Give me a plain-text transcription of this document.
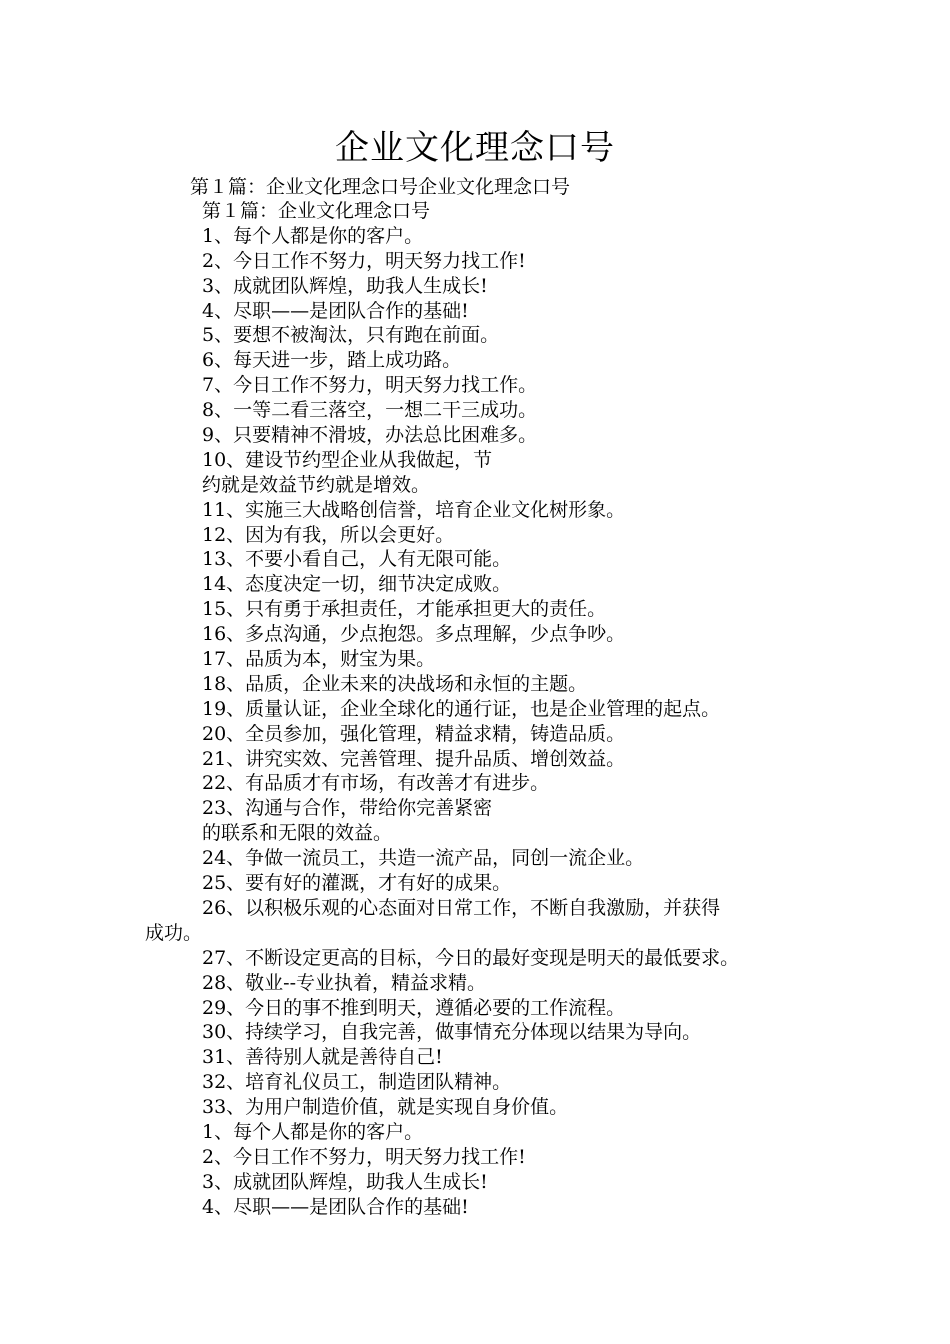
企业文化理念口号
第１篇：企业文化理念口号企业文化理念口号
第１篇：企业文化理念口号
1、每个人都是你的客户。
2、今日工作不努力，明天努力找工作!
3、成就团队辉煌，助我人生成长!
4、尽职——是团队合作的基础!
5、要想不被淘汰，只有跑在前面。
6、每天进一步，踏上成功路。
7、今日工作不努力，明天努力找工作。
8、一等二看三落空，一想二干三成功。
9、只要精神不滑坡，办法总比困难多。
10、建设节约型企业从我做起，节
约就是效益节约就是增效。
11、实施三大战略创信誉，培育企业文化树形象。
12、因为有我，所以会更好。
13、不要小看自己，人有无限可能。
14、态度决定一切，细节决定成败。
15、只有勇于承担责任，才能承担更大的责任。
16、多点沟通，少点抱怨。多点理解，少点争吵。
17、品质为本，财宝为果。
18、品质，企业未来的决战场和永恒的主题。
19、质量认证，企业全球化的通行证，也是企业管理的起点。
20、全员参加，强化管理，精益求精，铸造品质。
21、讲究实效、完善管理、提升品质、增创效益。
22、有品质才有市场，有改善才有进步。
23、沟通与合作，带给你完善紧密
的联系和无限的效益。
24、争做一流员工，共造一流产品，同创一流企业。
25、要有好的灌溉，才有好的成果。
26、以积极乐观的心态面对日常工作，不断自我激励，并获得
成功。
27、不断设定更高的目标，今日的最好变现是明天的最低要求。
28、敬业--专业执着，精益求精。
29、今日的事不推到明天，遵循必要的工作流程。
30、持续学习，自我完善，做事情充分体现以结果为导向。
31、善待别人就是善待自己!
32、培育礼仪员工，制造团队精神。
33、为用户制造价值，就是实现自身价值。
1、每个人都是你的客户。
2、今日工作不努力，明天努力找工作!
3、成就团队辉煌，助我人生成长!
4、尽职——是团队合作的基础!
